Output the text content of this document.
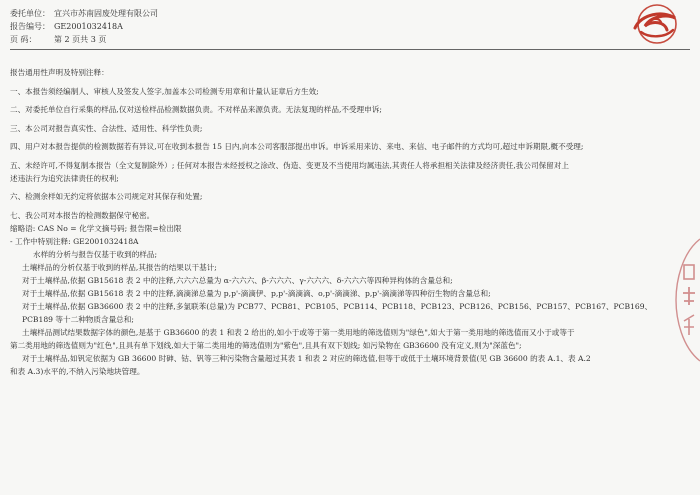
委托单位： 宜兴市苏南固废处理有限公司
报告编号： GE2001032418A
页 码： 第 2 页共 3 页
报告通用性声明及特别注释：
一、本报告须经编制人、审核人及签发人签字,加盖本公司检测专用章和计量认证章后方生效;
二、对委托单位自行采集的样品,仅对送检样品检测数据负责。不对样品来源负责。无法复现的样品,不受理申诉;
三、本公司对报告真实性、合法性、适用性、科学性负责;
四、用户对本报告提供的检测数据若有异议,可在收到本报告 15 日内,向本公司客服部提出申诉。申诉采用来访、来电、来信、电子邮件的方式均可,超过申诉期限,概不受理;
五、未经许可,不得复制本报告（全文复制除外）; 任何对本报告未经授权之涂改、伪造、变更及不当使用均属违法,其责任人将承担相关法律及经济责任,我公司保留对上
述违法行为追究法律责任的权利;
六、检测余样如无约定将依据本公司规定对其保存和处置;
七、我公司对本报告的检测数据保守秘密。
缩略语: CAS No = 化学文摘号码; 报告限=检出限
- 工作中特别注释: GE2001032418A
水样的分析与报告仅基于收到的样品;
土壤样品的分析仅基于收到的样品,其报告的结果以干基计;
对于土壤样品,依据 GB15618 表 2 中的注释,六六六总量为 α-六六六、β-六六六、γ-六六六、δ-六六六等四种异构体的含量总和;
对于土壤样品,依据 GB15618 表 2 中的注释,滴滴涕总量为 p,p'-滴滴伊、p,p'-滴滴滴、o,p'-滴滴涕、p,p'-滴滴涕等四种衍生物的含量总和;
对于土壤样品,依据 GB36600 表 2 中的注释,多氯联苯(总量)为 PCB77、PCB81、PCB105、PCB114、PCB118、PCB123、PCB126、PCB156、PCB157、PCB167、PCB169、
PCB189 等十二种物质含量总和;
土壤样品测试结果数据字体的颜色,是基于 GB36600 的表 1 和表 2 给出的,如小于或等于第一类用地的筛选值则为"绿色",如大于第一类用地的筛选值而又小于或等于
第二类用地的筛选值则为"红色",且具有单下划线,如大于第二类用地的筛选值则为"紫色",且具有双下划线; 如污染物在 GB36600 没有定义,则为"深蓝色";
对于土壤样品,如钒定依据为 GB 36600 时砷、钴、钒等三种污染物含量超过其表 1 和表 2 对应的筛选值,但等于或低于土壤环境背景值(见 GB 36600 的表 A.1、表 A.2
和表 A.3)水平的,不纳入污染地块管理。
